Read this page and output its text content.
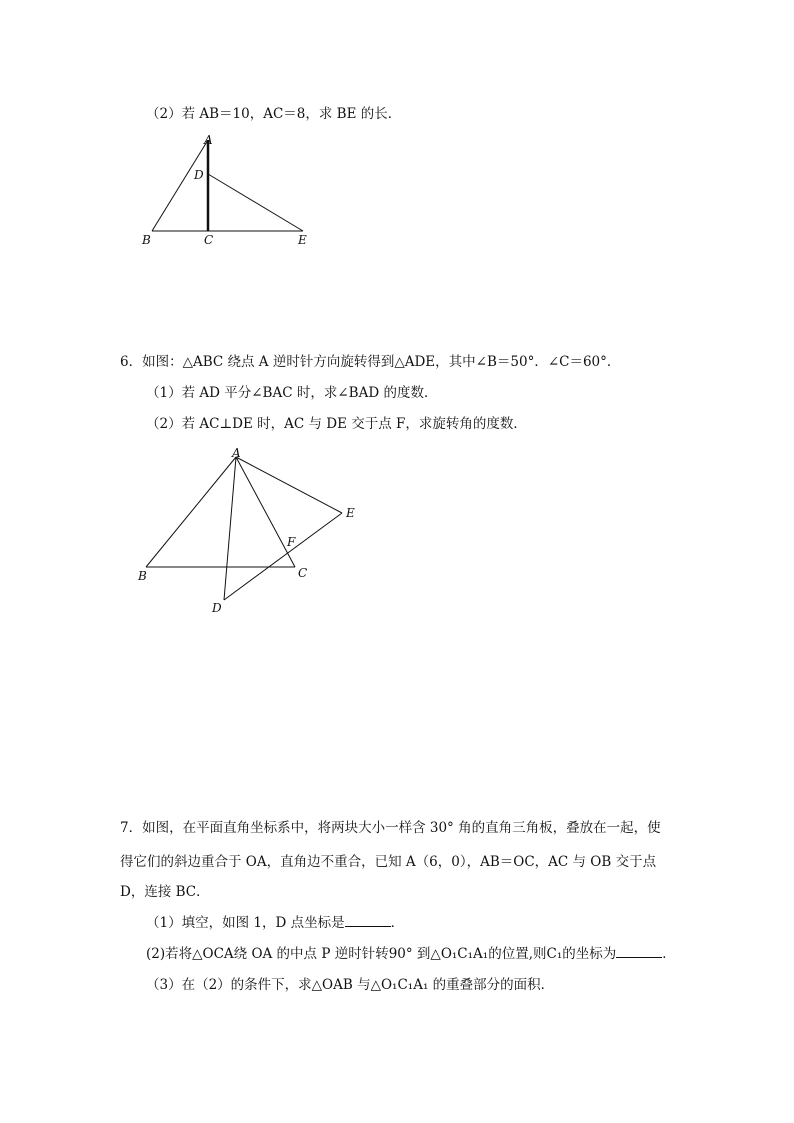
（2）若 AB＝10，AC＝8，求 BE 的长．
A
D
B	C	E
6．如图：△ABC 绕点 A 逆时针方向旋转得到△ADE，其中∠B＝50°．∠C＝60°．
（1）若 AD 平分∠BAC 时，求∠BAD 的度数．
（2）若 AC⊥DE 时，AC 与 DE 交于点 F，求旋转角的度数．
A
B	C
D
E
F
7．如图，在平面直角坐标系中，将两块大小一样含 30° 角的直角三角板，叠放在一起，使
得它们的斜边重合于 OA，直角边不重合，已知 A（6，0），AB＝OC，AC 与 OB 交于点
D，连接 BC．
（1）填空，如图 1，D 点坐标是	．
(2)若将△OCA绕 OA 的中点 P 逆时针转90° 到△O₁C₁A₁的位置,则C₁的坐标为	．
（3）在（2）的条件下，求△OAB 与△O₁C₁A₁ 的重叠部分的面积．
